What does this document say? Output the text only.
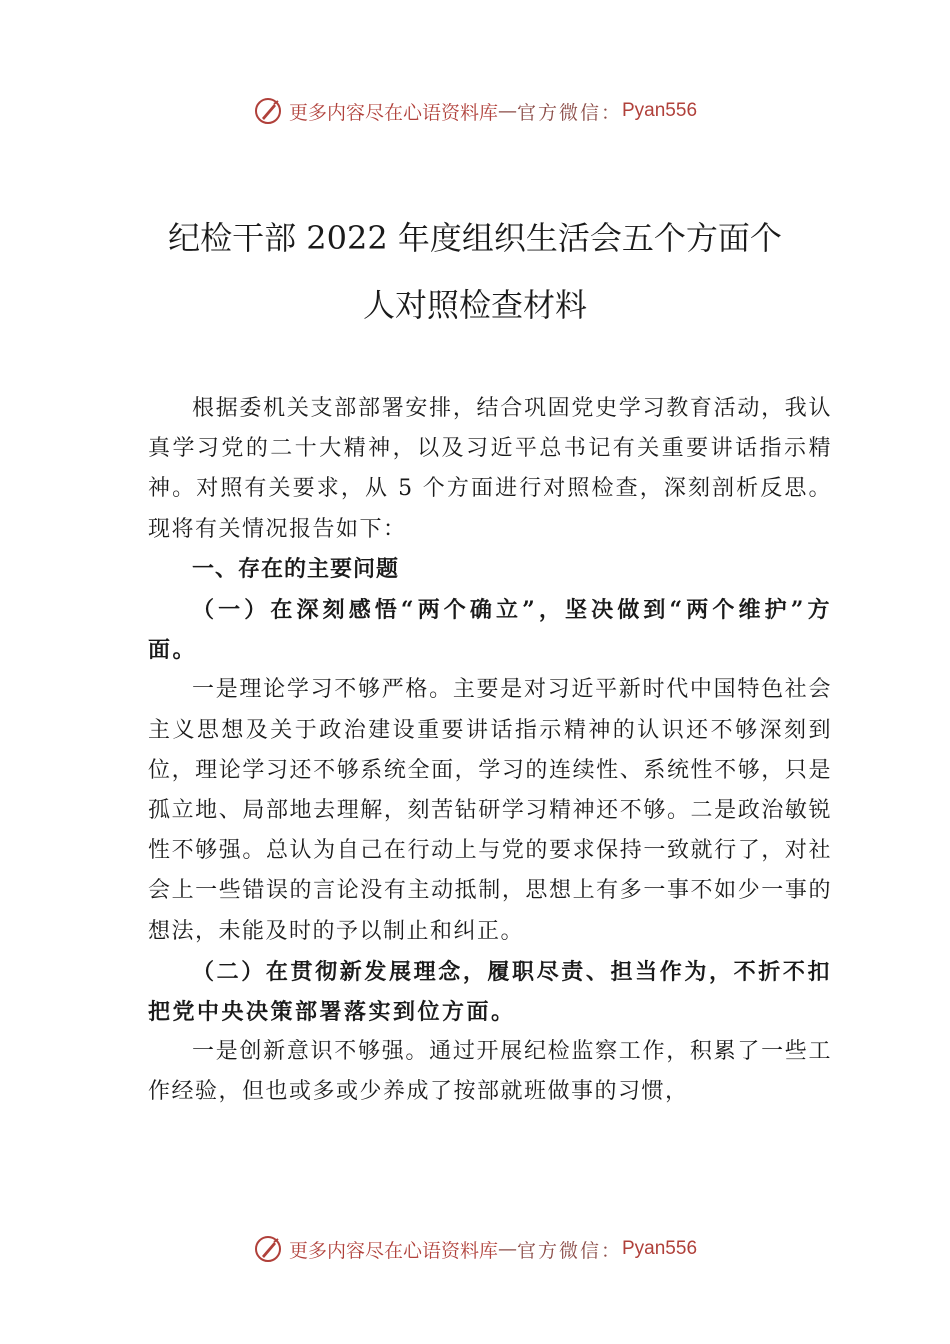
更多内容尽在心语资料库 — 官方微信： Pyan556
纪检干部 2022 年度组织生活会五个方面个
人对照检查材料

根据委机关支部部署安排，结合巩固党史学习教育活动，我认真学习党的二十大精神，以及习近平总书记有关重要讲话指示精神。对照有关要求，从 5 个方面进行对照检查，深刻剖析反思。现将有关情况报告如下：

一、存在的主要问题

（一）在深刻感悟“两个确立”，坚决做到“两个维护”方面。

一是理论学习不够严格。主要是对习近平新时代中国特色社会主义思想及关于政治建设重要讲话指示精神的认识还不够深刻到位，理论学习还不够系统全面，学习的连续性、系统性不够，只是孤立地、局部地去理解，刻苦钻研学习精神还不够。二是政治敏锐性不够强。总认为自己在行动上与党的要求保持一致就行了，对社会上一些错误的言论没有主动抵制，思想上有多一事不如少一事的想法，未能及时的予以制止和纠正。

（二）在贯彻新发展理念，履职尽责、担当作为，不折不扣把党中央决策部署落实到位方面。

一是创新意识不够强。通过开展纪检监察工作，积累了一些工作经验，但也或多或少养成了按部就班做事的习惯，

更多内容尽在心语资料库 — 官方微信： Pyan556
